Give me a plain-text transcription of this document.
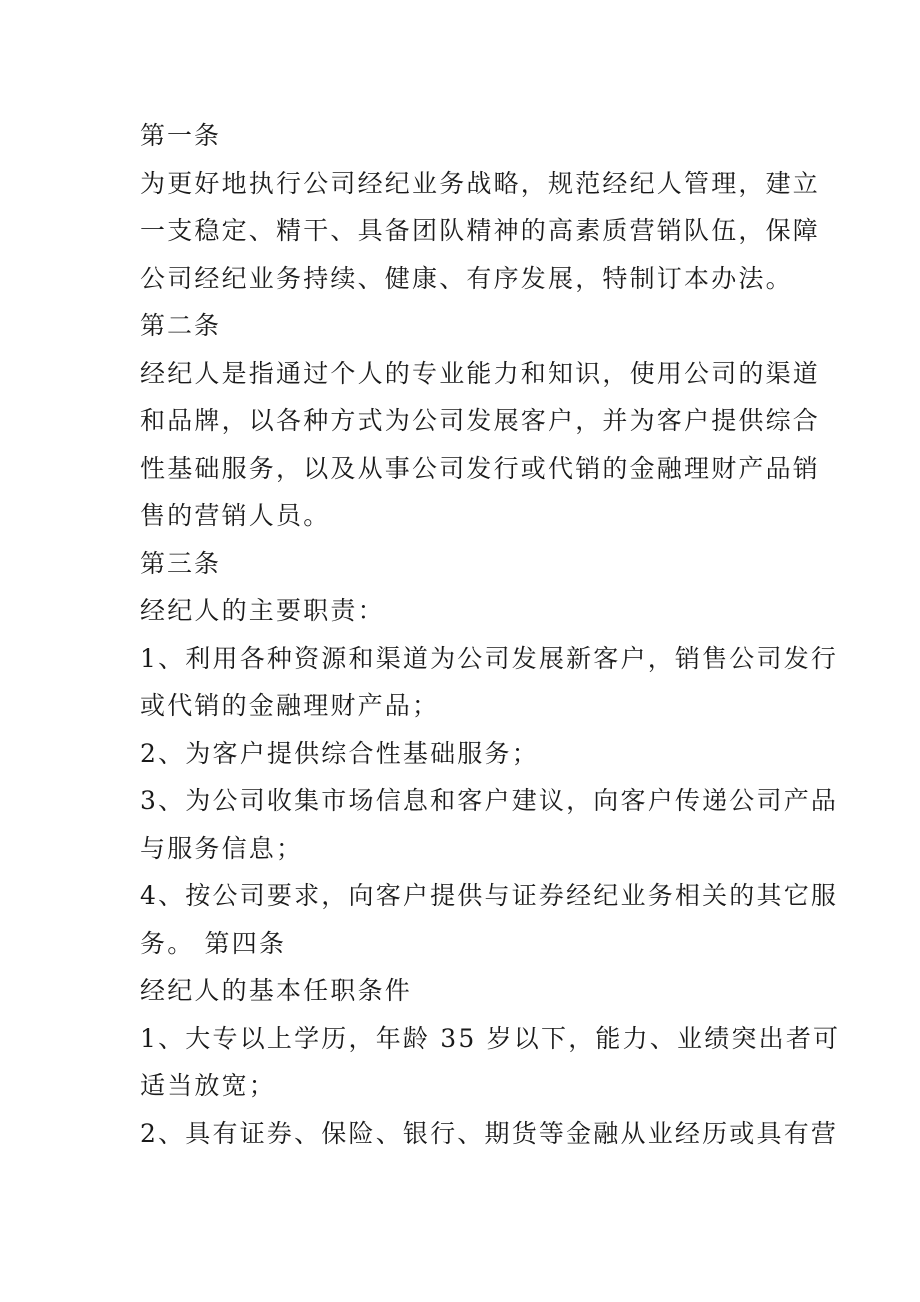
第一条
为更好地执行公司经纪业务战略，规范经纪人管理，建立
一支稳定、精干、具备团队精神的高素质营销队伍，保障
公司经纪业务持续、健康、有序发展，特制订本办法。
第二条
经纪人是指通过个人的专业能力和知识，使用公司的渠道
和品牌，以各种方式为公司发展客户，并为客户提供综合
性基础服务，以及从事公司发行或代销的金融理财产品销
售的营销人员。
第三条
经纪人的主要职责：
1、利用各种资源和渠道为公司发展新客户，销售公司发行
或代销的金融理财产品；
2、为客户提供综合性基础服务；
3、为公司收集市场信息和客户建议，向客户传递公司产品
与服务信息；
4、按公司要求，向客户提供与证券经纪业务相关的其它服
务。 第四条
经纪人的基本任职条件
1、大专以上学历，年龄 35 岁以下，能力、业绩突出者可
适当放宽；
2、具有证券、保险、银行、期货等金融从业经历或具有营
